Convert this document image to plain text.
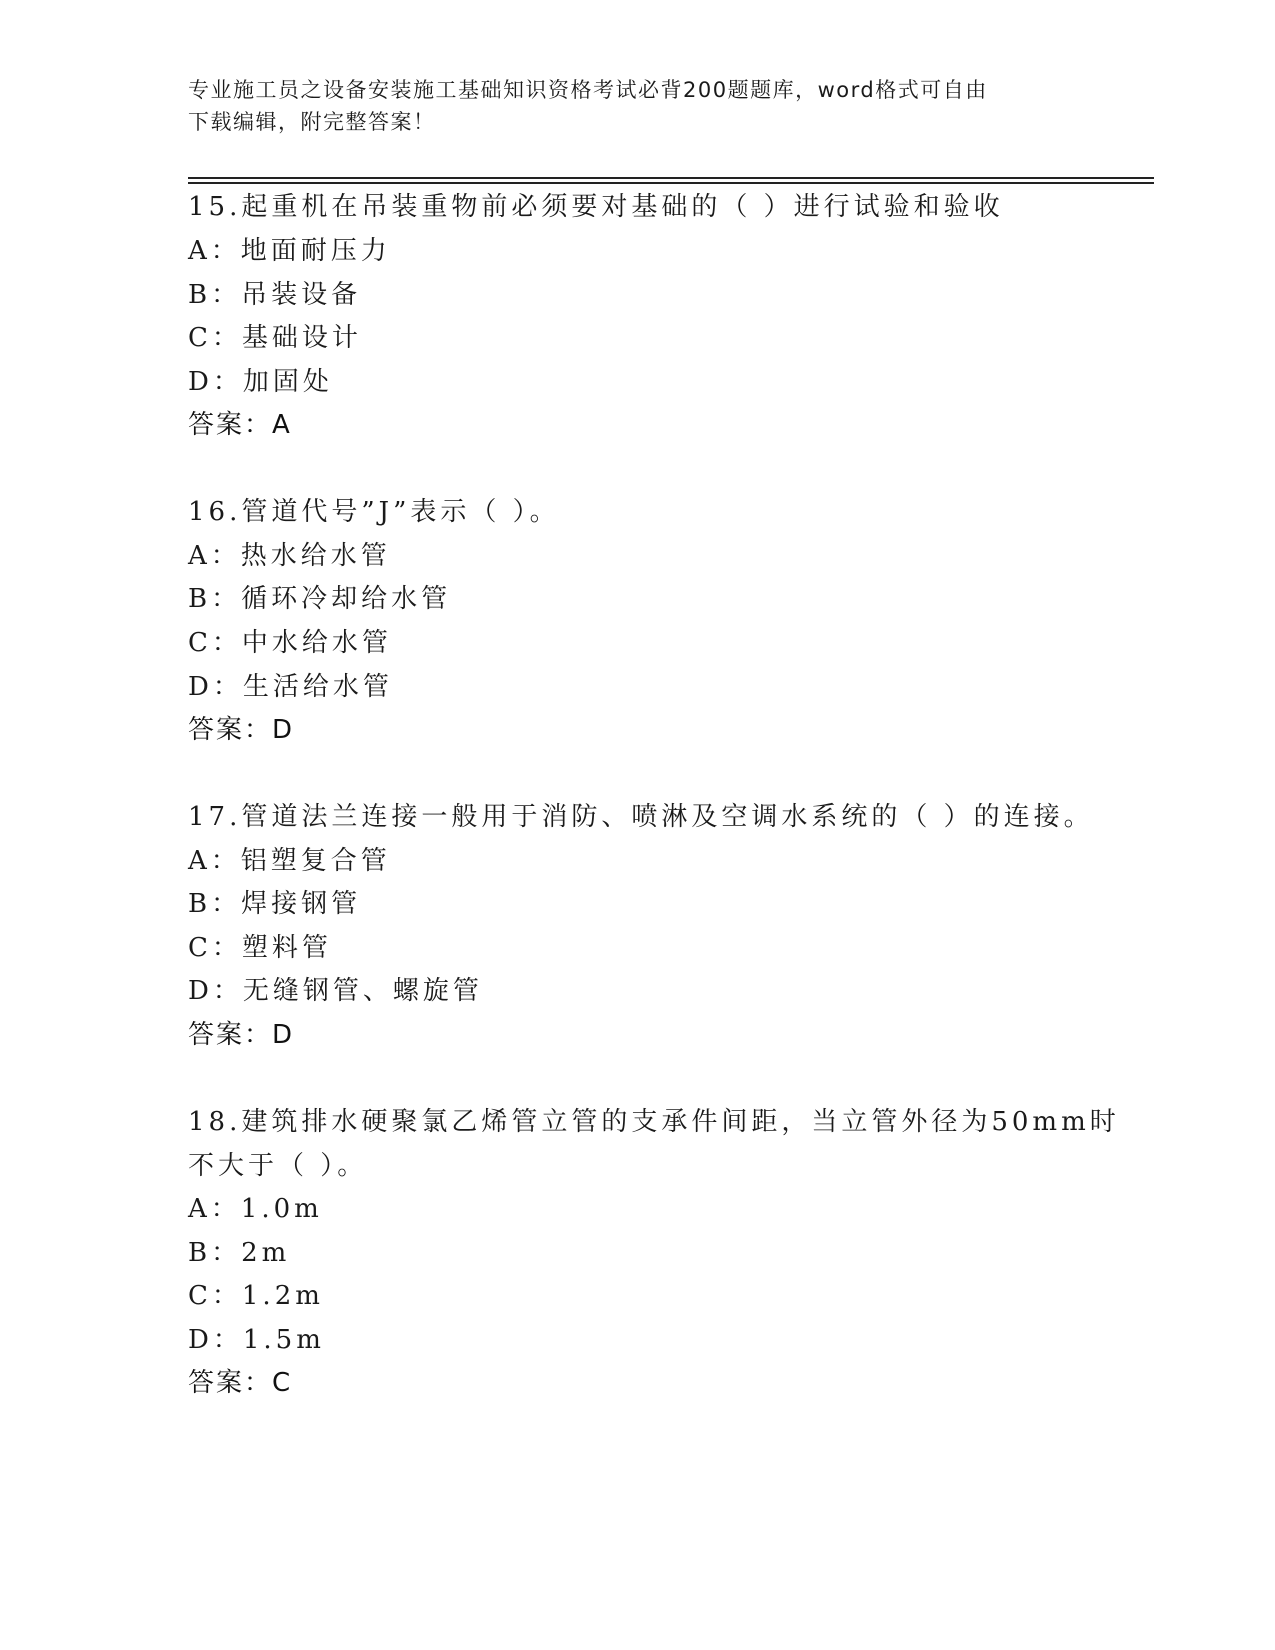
专业施工员之设备安装施工基础知识资格考试必背200题题库，word格式可自由
下载编辑，附完整答案！
15.起重机在吊装重物前必须要对基础的（ ）进行试验和验收
A：地面耐压力
B：吊装设备
C：基础设计
D：加固处
答案：A
16.管道代号”J”表示（ ）。
A：热水给水管
B：循环冷却给水管
C：中水给水管
D：生活给水管
答案：D
17.管道法兰连接一般用于消防、喷淋及空调水系统的（ ）的连接。
A：铝塑复合管
B：焊接钢管
C：塑料管
D：无缝钢管、螺旋管
答案：D
18.建筑排水硬聚氯乙烯管立管的支承件间距，当立管外径为50mm时
不大于（ ）。
A：1.0m
B：2m
C：1.2m
D：1.5m
答案：C
